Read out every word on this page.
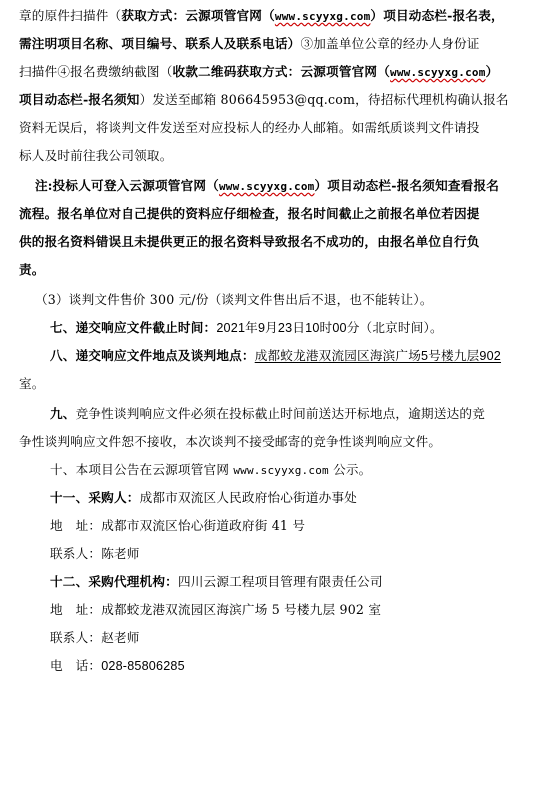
章的原件扫描件（获取方式：云源项管官网（www.scyyxg.com）项目动态栏-报名表，
需注明项目名称、项目编号、联系人及联系电话）③加盖单位公章的经办人身份证
扫描件④报名费缴纳截图（收款二维码获取方式：云源项管官网（www.scyyxg.com）
项目动态栏-报名须知）发送至邮箱 806645953@qq.com，待招标代理机构确认报名
资料无误后，将谈判文件发送至对应投标人的经办人邮箱。如需纸质谈判文件请投
标人及时前往我公司领取。
注:投标人可登入云源项管官网（www.scyyxg.com）项目动态栏-报名须知查看报名
流程。报名单位对自己提供的资料应仔细检查，报名时间截止之前报名单位若因提
供的报名资料错误且未提供更正的报名资料导致报名不成功的，由报名单位自行负
责。
（3）谈判文件售价 300 元/份（谈判文件售出后不退，也不能转让）。
七、递交响应文件截止时间：2021年9月23日10时00分（北京时间）。
八、递交响应文件地点及谈判地点：成都蛟龙港双流园区海滨广场5号楼九层902
室。
九、竞争性谈判响应文件必须在投标截止时间前送达开标地点，逾期送达的竞
争性谈判响应文件恕不接收，本次谈判不接受邮寄的竞争性谈判响应文件。
十、本项目公告在云源项管官网 www.scyyxg.com 公示。
十一、采购人：成都市双流区人民政府怡心街道办事处
地　址：成都市双流区怡心街道政府街 41 号
联系人：陈老师
十二、采购代理机构：四川云源工程项目管理有限责任公司
地　址：成都蛟龙港双流园区海滨广场 5 号楼九层 902 室
联系人：赵老师
电　话：028-85806285
